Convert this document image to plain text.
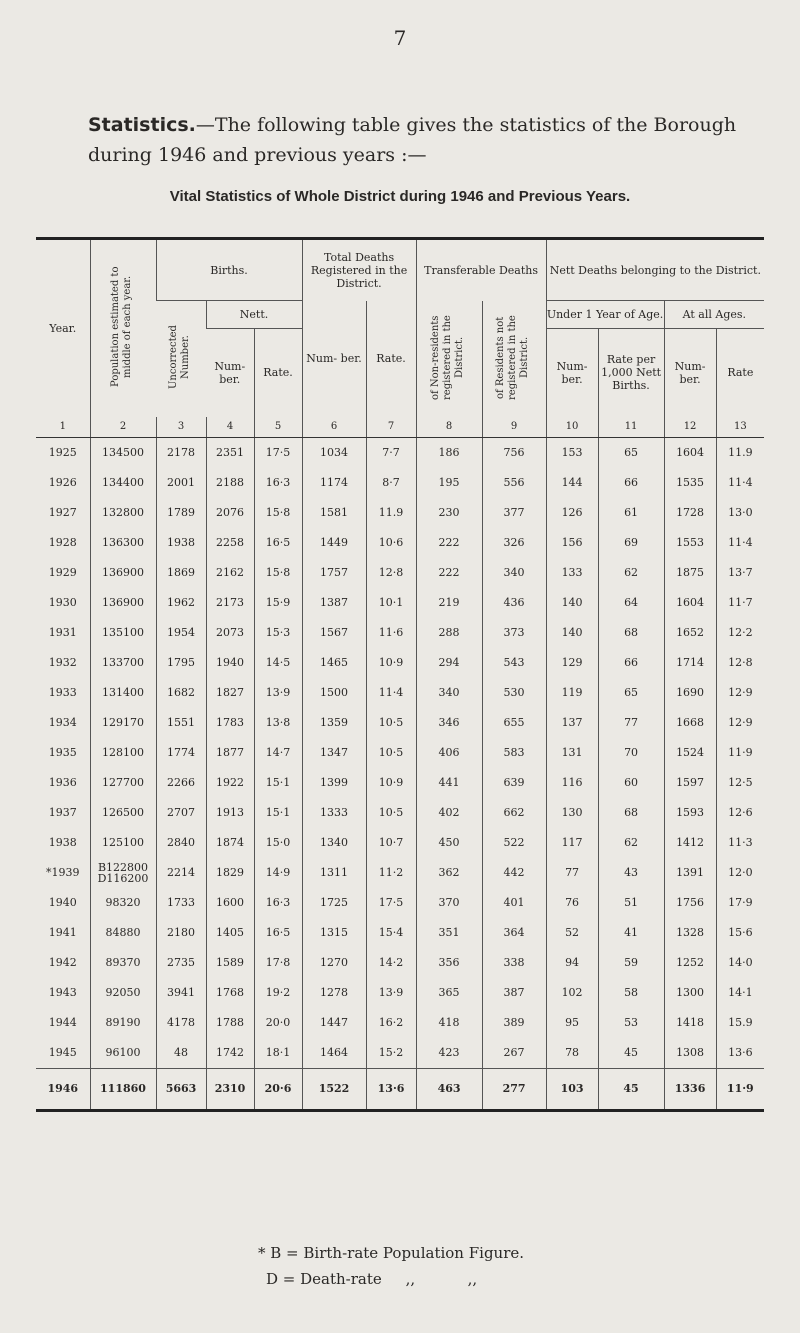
7
Statistics.—The following table gives the statistics of the Borough during 1946 and previous years :—
Vital Statistics of Whole District during 1946 and Previous Years.
Year.	Population estimated to middle of each year.	Births.			Total Deaths Registered in the District.		Transferable Deaths		Nett Deaths belonging to the District.			
		Uncorrected Number.	Nett.		Num- ber.	Rate.	of Non-residents registered in the District.	of Residents not registered in the District.	Under 1 Year of Age.		At all Ages.	
			Num- ber.	Rate.					Num- ber.	Rate per 1,000 Nett Births.	Num- ber.	Rate
1	2	3	4	5	6	7	8	9	10	11	12	13
1925	134500	2178	2351	17·5	1034	7·7	186	756	153	65	1604	11.9
1926	134400	2001	2188	16·3	1174	8·7	195	556	144	66	1535	11·4
1927	132800	1789	2076	15·8	1581	11.9	230	377	126	61	1728	13·0
1928	136300	1938	2258	16·5	1449	10·6	222	326	156	69	1553	11·4
1929	136900	1869	2162	15·8	1757	12·8	222	340	133	62	1875	13·7
1930	136900	1962	2173	15·9	1387	10·1	219	436	140	64	1604	11·7
1931	135100	1954	2073	15·3	1567	11·6	288	373	140	68	1652	12·2
1932	133700	1795	1940	14·5	1465	10·9	294	543	129	66	1714	12·8
1933	131400	1682	1827	13·9	1500	11·4	340	530	119	65	1690	12·9
1934	129170	1551	1783	13·8	1359	10·5	346	655	137	77	1668	12·9
1935	128100	1774	1877	14·7	1347	10·5	406	583	131	70	1524	11·9
1936	127700	2266	1922	15·1	1399	10·9	441	639	116	60	1597	12·5
1937	126500	2707	1913	15·1	1333	10·5	402	662	130	68	1593	12·6
1938	125100	2840	1874	15·0	1340	10·7	450	522	117	62	1412	11·3
*1939	B122800
D116200	2214	1829	14·9	1311	11·2	362	442	77	43	1391	12·0
1940	98320	1733	1600	16·3	1725	17·5	370	401	76	51	1756	17·9
1941	84880	2180	1405	16·5	1315	15·4	351	364	52	41	1328	15·6
1942	89370	2735	1589	17·8	1270	14·2	356	338	94	59	1252	14·0
1943	92050	3941	1768	19·2	1278	13·9	365	387	102	58	1300	14·1
1944	89190	4178	1788	20·0	1447	16·2	418	389	95	53	1418	15.9
1945	96100	48	1742	18·1	1464	15·2	423	267	78	45	1308	13·6
1946	111860	5663	2310	20·6	1522	13·6	463	277	103	45	1336	11·9
* B = Birth-rate Population Figure.
D = Death-rate     ,,           ,,
